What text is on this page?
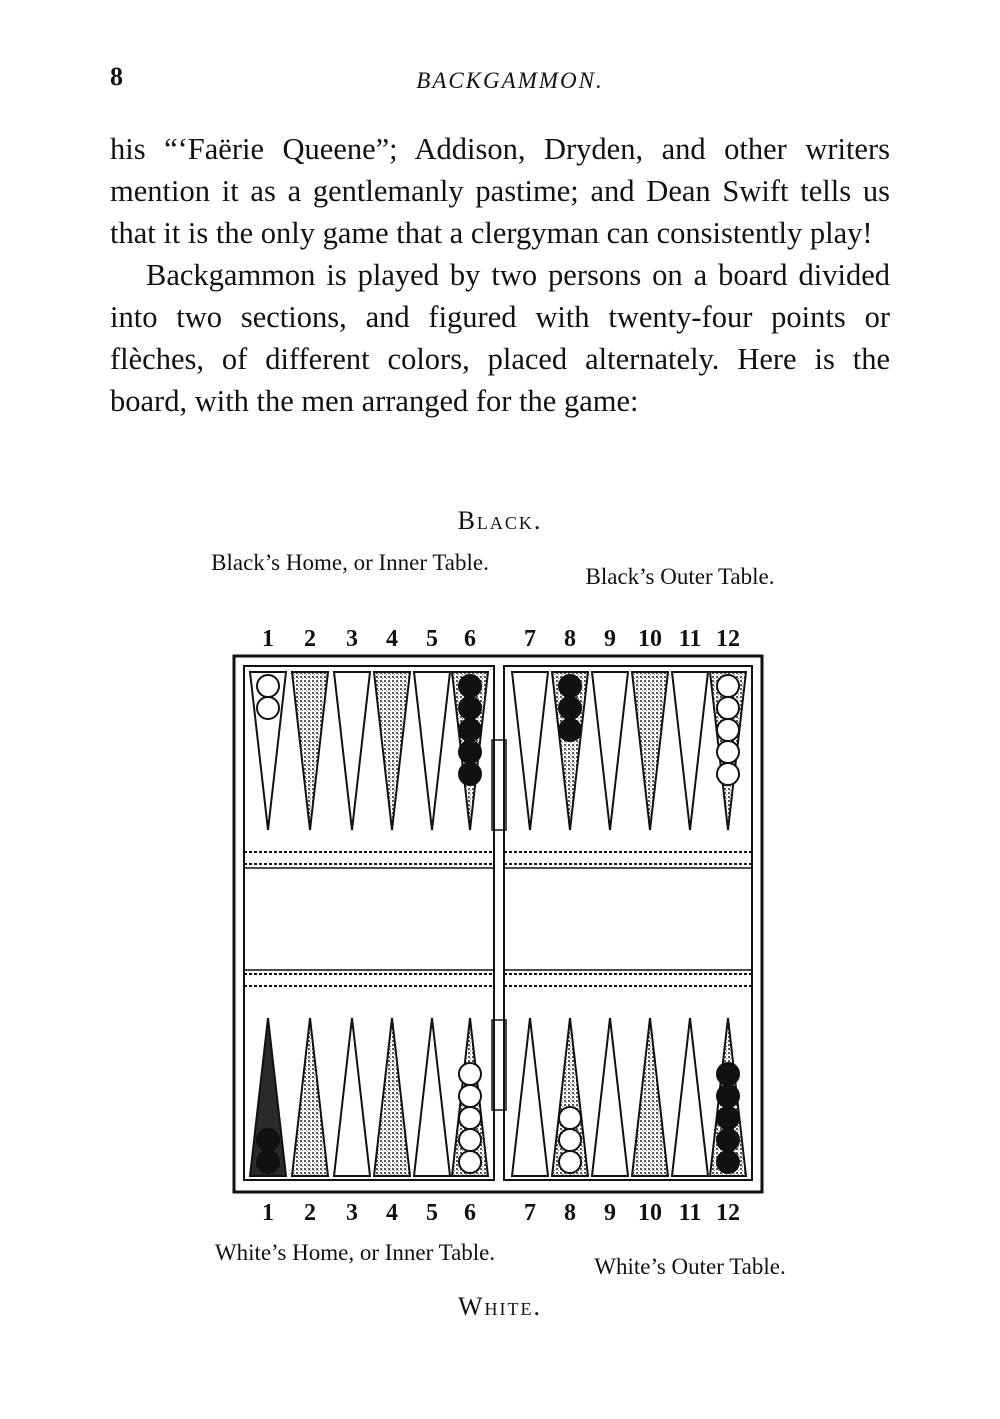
8	BACKGAMMON.

his “‘Faërie Queene”; Addison, Dryden, and other writers mention it as a gentlemanly pastime; and Dean Swift tells us that it is the only game that a clergyman can consistently play!

Backgammon is played by two persons on a board divided into two sections, and figured with twenty-four points or flèches, of different colors, placed alternately. Here is the board, with the men arranged for the game:

Black.
Black’s Home, or Inner Table.
Black’s Outer Table.
1 2 3 4 5 6 7 8 9 10 11 12
1 2 3 4 5 6 7 8 9 10 11 12
White’s Home, or Inner Table.
White’s Outer Table.
White.
